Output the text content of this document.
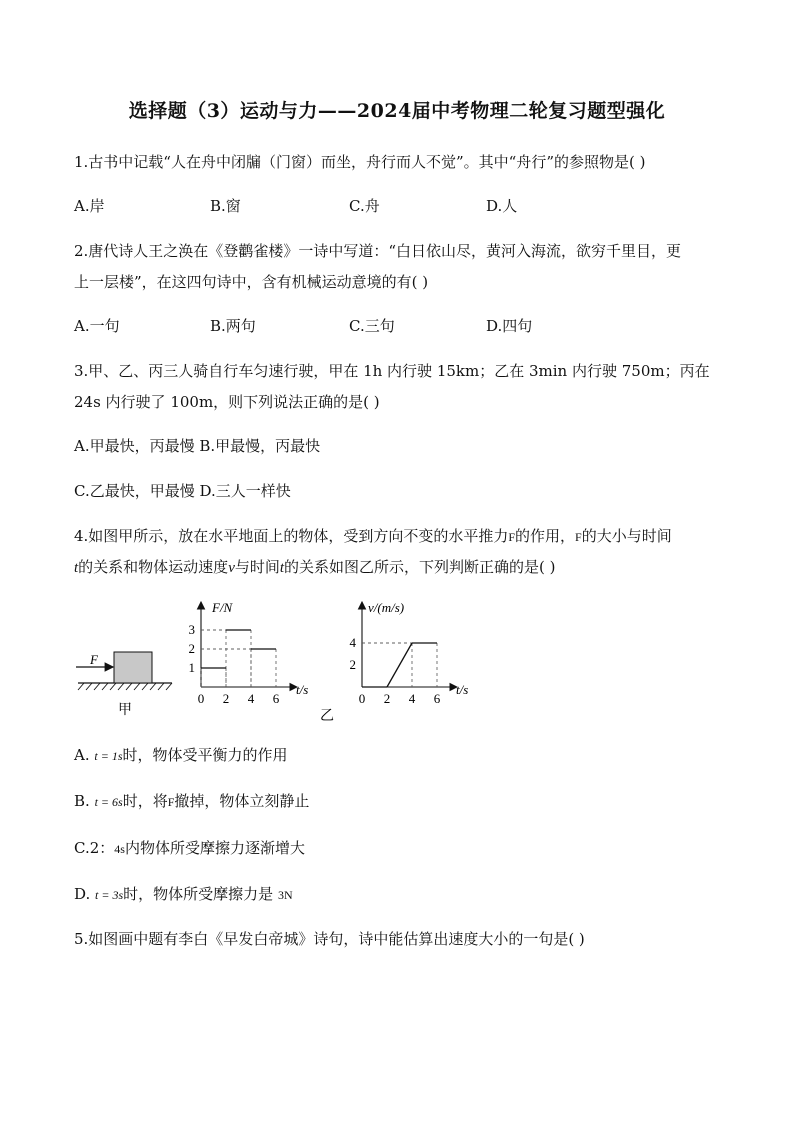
选择题（3）运动与力——2024届中考物理二轮复习题型强化
1.古书中记载“人在舟中闭牖（门窗）而坐，舟行而人不觉”。其中“舟行”的参照物是( )
A.岸	B.窗	C.舟	D.人
2.唐代诗人王之涣在《登鹳雀楼》一诗中写道：“白日依山尽，黄河入海流，欲穷千里目，更
上一层楼”，在这四句诗中，含有机械运动意境的有( )
A.一句	B.两句	C.三句	D.四句
3.甲、乙、丙三人骑自行车匀速行驶，甲在 1h 内行驶 15km；乙在 3min 内行驶 750m；丙在
24s 内行驶了 100m，则下列说法正确的是( )
A.甲最快，丙最慢 B.甲最慢，丙最快
C.乙最快，甲最慢 D.三人一样快
4.如图甲所示，放在水平地面上的物体，受到方向不变的水平推力F的作用，F的大小与时间
t的关系和物体运动速度v与时间t的关系如图乙所示，下列判断正确的是( )
F
F/N
t/s
0 2 4 6
1
2
3
v/(m/s)
t/s
0 2 4 6
2
4
甲	乙
A. t = 1s时，物体受平衡力的作用
B. t = 6s时，将F撤掉，物体立刻静止
C.2：4s内物体所受摩擦力逐渐增大
D. t = 3s时，物体所受摩擦力是 3N
5.如图画中题有李白《早发白帝城》诗句，诗中能估算出速度大小的一句是( )
